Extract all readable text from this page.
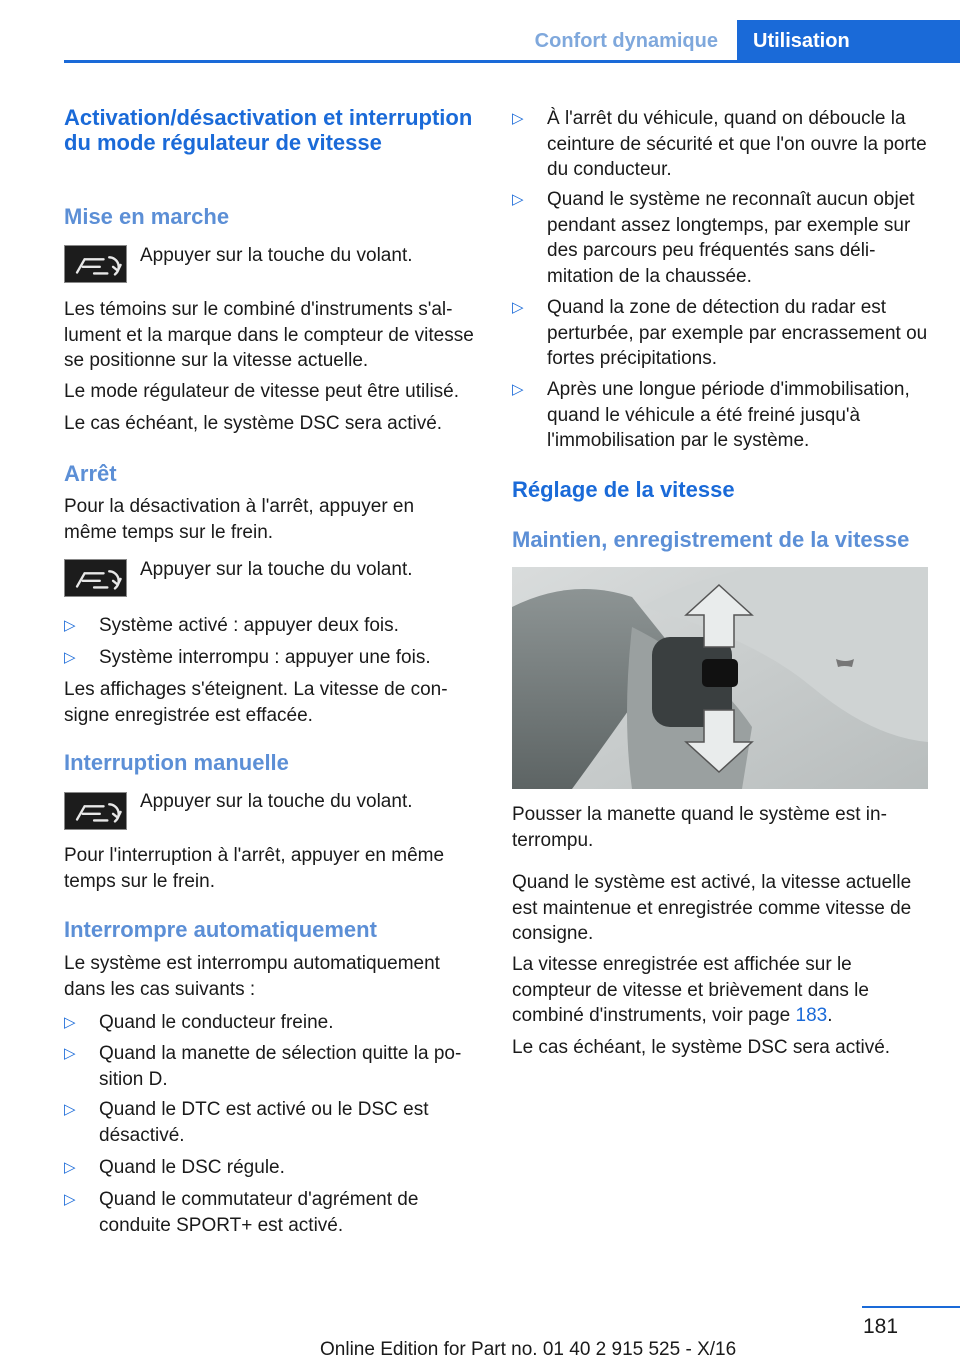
Confort dynamique	Utilisation
Activation/désactivation et interruption du mode régulateur de vitesse
Mise en marche
Appuyer sur la touche du volant.
Les témoins sur le combiné d'instruments s'allument et la marque dans le compteur de vitesse se positionne sur la vitesse actuelle.
Le mode régulateur de vitesse peut être utilisé.
Le cas échéant, le système DSC sera activé.
Arrêt
Pour la désactivation à l'arrêt, appuyer en même temps sur le frein.
Appuyer sur la touche du volant.
▷ Système activé : appuyer deux fois.
▷ Système interrompu : appuyer une fois.
Les affichages s'éteignent. La vitesse de consigne enregistrée est effacée.
Interruption manuelle
Appuyer sur la touche du volant.
Pour l'interruption à l'arrêt, appuyer en même temps sur le frein.
Interrompre automatiquement
Le système est interrompu automatiquement dans les cas suivants :
▷ Quand le conducteur freine.
▷ Quand la manette de sélection quitte la position D.
▷ Quand le DTC est activé ou le DSC est désactivé.
▷ Quand le DSC régule.
▷ Quand le commutateur d'agrément de conduite SPORT+ est activé.
▷ À l'arrêt du véhicule, quand on déboucle la ceinture de sécurité et que l'on ouvre la porte du conducteur.
▷ Quand le système ne reconnaît aucun objet pendant assez longtemps, par exemple sur des parcours peu fréquentés sans délimitation de la chaussée.
▷ Quand la zone de détection du radar est perturbée, par exemple par encrassement ou fortes précipitations.
▷ Après une longue période d'immobilisation, quand le véhicule a été freiné jusqu'à l'immobilisation par le système.
Réglage de la vitesse
Maintien, enregistrement de la vitesse
Pousser la manette quand le système est interrompu.
Quand le système est activé, la vitesse actuelle est maintenue et enregistrée comme vitesse de consigne.
La vitesse enregistrée est affichée sur le compteur de vitesse et brièvement dans le combiné d'instruments, voir page 183.
Le cas échéant, le système DSC sera activé.
181
Online Edition for Part no. 01 40 2 915 525 - X/16
